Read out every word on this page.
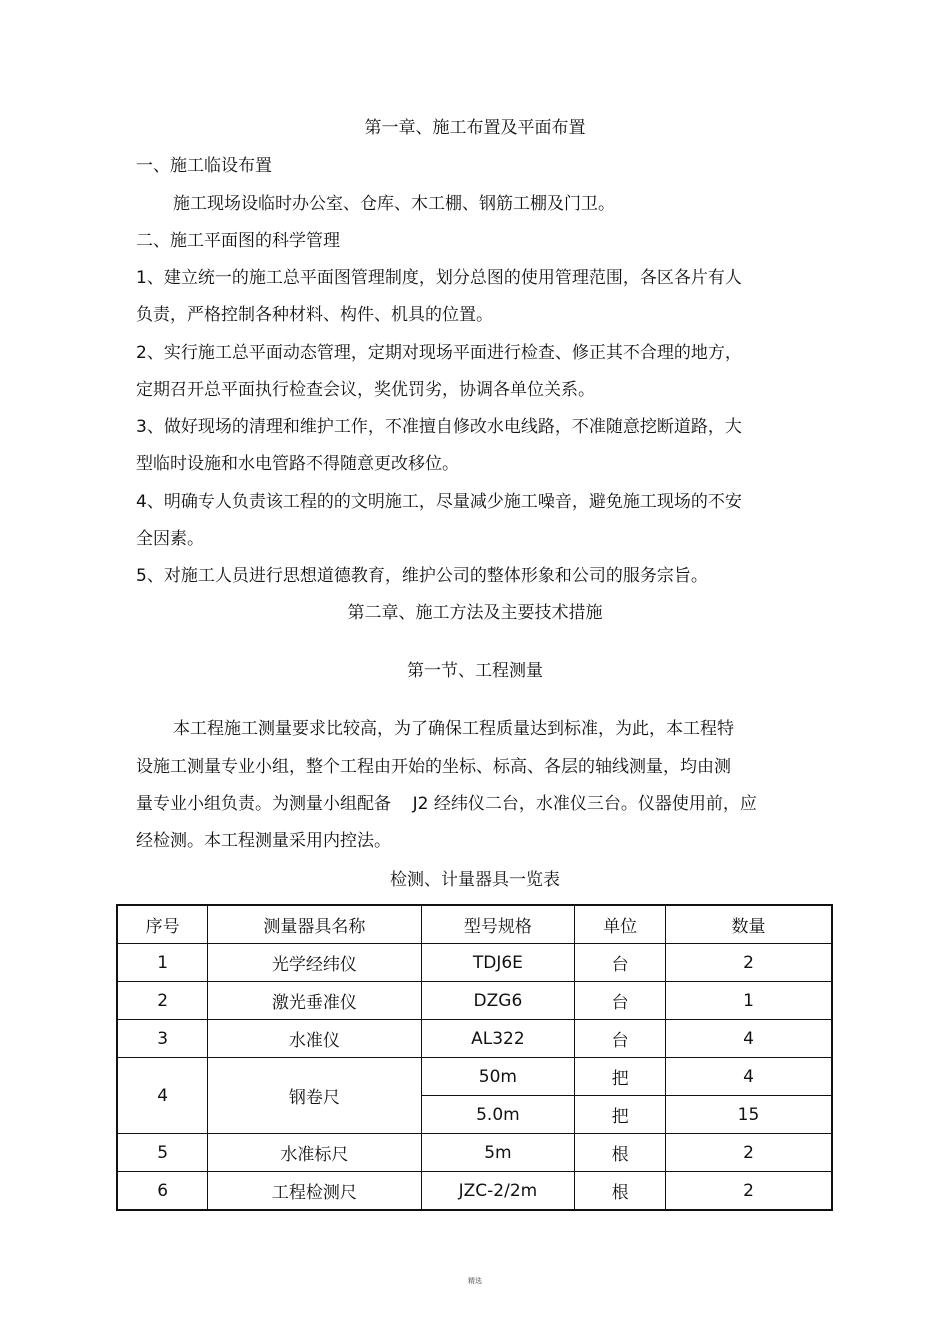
第一章、施工布置及平面布置
一、施工临设布置
施工现场设临时办公室、仓库、木工棚、钢筋工棚及门卫。
二、施工平面图的科学管理
1、建立统一的施工总平面图管理制度，划分总图的使用管理范围，各区各片有人
负责，严格控制各种材料、构件、机具的位置。
2、实行施工总平面动态管理，定期对现场平面进行检查、修正其不合理的地方，
定期召开总平面执行检查会议，奖优罚劣，协调各单位关系。
3、做好现场的清理和维护工作，不准擅自修改水电线路，不准随意挖断道路，大
型临时设施和水电管路不得随意更改移位。
4、明确专人负责该工程的的文明施工，尽量减少施工噪音，避免施工现场的不安
全因素。
5、对施工人员进行思想道德教育，维护公司的整体形象和公司的服务宗旨。
第二章、施工方法及主要技术措施
第一节、工程测量
本工程施工测量要求比较高，为了确保工程质量达到标准，为此，本工程特
设施工测量专业小组，整个工程由开始的坐标、标高、各层的轴线测量，均由测
量专业小组负责。为测量小组配备    J2 经纬仪二台，水准仪三台。仪器使用前，应
经检测。本工程测量采用内控法。
检测、计量器具一览表
序号	测量器具名称	型号规格	单位	数量
1	光学经纬仪	TDJ6E	台	2
2	激光垂准仪	DZG6	台	1
3	水准仪	AL322	台	4
4	钢卷尺	50m	把	4
		5.0m	把	15
5	水准标尺	5m	根	2
6	工程检测尺	JZC-2/2m	根	2
精选
